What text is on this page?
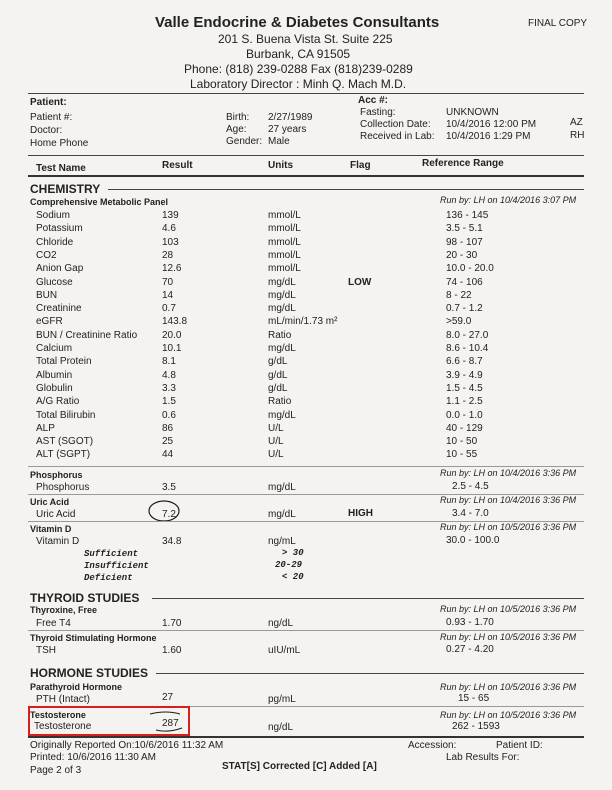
Valle Endocrine & Diabetes Consultants	FINAL COPY
201 S. Buena Vista St. Suite 225
Burbank, CA 91505
Phone: (818) 239-0288 Fax (818)239-0289
Laboratory Director : Minh Q. Mach M.D.
Patient:	Acc #:
Patient #:	Birth: 2/27/1989	Fasting:	UNKNOWN
Doctor:	Age: 27 years	Collection Date: 10/4/2016 12:00 PM	AZ
Home Phone	Gender: Male	Received in Lab: 10/4/2016 1:29 PM	RH
Test Name	Result	Units	Flag	Reference Range
CHEMISTRY
Comprehensive Metabolic Panel	Run by: LH on 10/4/2016 3:07 PM
Sodium	139	mmol/L	136 - 145
Potassium	4.6	mmol/L	3.5 - 5.1
Chloride	103	mmol/L	98 - 107
CO2	28	mmol/L	20 - 30
Anion Gap	12.6	mmol/L	10.0 - 20.0
Glucose	70	mg/dL	LOW	74 - 106
BUN	14	mg/dL	8 - 22
Creatinine	0.7	mg/dL	0.7 - 1.2
eGFR	143.8	mL/min/1.73 m²	>59.0
BUN / Creatinine Ratio 20.0	Ratio	8.0 - 27.0
Calcium	10.1	mg/dL	8.6 - 10.4
Total Protein	8.1	g/dL	6.6 - 8.7
Albumin	4.8	g/dL	3.9 - 4.9
Globulin	3.3	g/dL	1.5 - 4.5
A/G Ratio	1.5	Ratio	1.1 - 2.5
Total Bilirubin	0.6	mg/dL	0.0 - 1.0
ALP	86	U/L	40 - 129
AST (SGOT)	25	U/L	10 - 50
ALT (SGPT)	44	U/L	10 - 55
Phosphorus	Run by: LH on 10/4/2016 3:36 PM
Phosphorus	3.5	mg/dL	2.5 - 4.5
Uric Acid	Run by: LH on 10/4/2016 3:36 PM
Uric Acid	7.2	mg/dL	HIGH	3.4 - 7.0
Vitamin D	Run by: LH on 10/5/2016 3:36 PM
Vitamin D	34.8	ng/mL	30.0 - 100.0
Sufficient	> 30
Insufficient	20-29
Deficient	< 20
THYROID STUDIES
Thyroxine, Free	Run by: LH on 10/5/2016 3:36 PM
Free T4	1.70	ng/dL	0.93 - 1.70
Thyroid Stimulating Hormone	Run by: LH on 10/5/2016 3:36 PM
TSH	1.60	uIU/mL	0.27 - 4.20
HORMONE STUDIES
Parathyroid Hormone	Run by: LH on 10/5/2016 3:36 PM
PTH (Intact)	27	pg/mL	15 - 65
Testosterone	Run by: LH on 10/5/2016 3:36 PM
Testosterone	287	ng/dL	262 - 1593
Originally Reported On:10/6/2016 11:32 AM	Accession:	Patient ID:
Printed: 10/6/2016 11:30 AM	Lab Results For:
Page 2 of 3	STAT[S] Corrected [C] Added [A]
